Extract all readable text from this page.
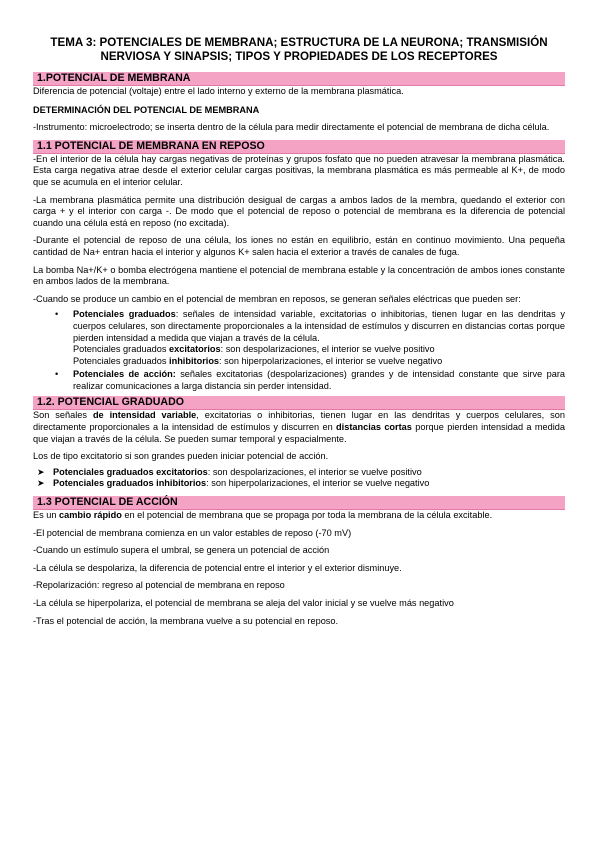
TEMA 3: POTENCIALES DE MEMBRANA; ESTRUCTURA DE LA NEURONA; TRANSMISIÓN NERVIOSA Y SINAPSIS; TIPOS Y PROPIEDADES DE LOS RECEPTORES
1.POTENCIAL DE MEMBRANA

Diferencia de potencial (voltaje) entre el lado interno y externo de la membrana plasmática.

DETERMINACIÓN DEL POTENCIAL DE MEMBRANA

-Instrumento: microelectrodo; se inserta dentro de la célula para medir directamente el potencial de membrana de dicha célula.

1.1 POTENCIAL DE MEMBRANA EN REPOSO

-En el interior de la célula hay cargas negativas de proteínas y grupos fosfato que no pueden atravesar la membrana plasmática. Esta carga negativa atrae desde el exterior celular cargas positivas, la membrana plasmática es más permeable al K+, de modo que se acumula en el interior celular.

-La membrana plasmática permite una distribución desigual de cargas a ambos lados de la membra, quedando el exterior con carga + y el interior con carga -. De modo que el potencial de reposo o potencial de membrana es la diferencia de potencial cuando una célula está en reposo (no excitada).

-Durante el potencial de reposo de una célula, los iones no están en equilibrio, están en continuo movimiento. Una pequeña cantidad de Na+ entran hacia el interior y algunos K+ salen hacia el exterior a través de canales de fuga.

La bomba Na+/K+ o bomba electrógena mantiene el potencial de membrana estable y la concentración de ambos iones constante en ambos lados de la membrana.

-Cuando se produce un cambio en el potencial de membran en reposos, se generan señales eléctricas que pueden ser:

• Potenciales graduados: señales de intensidad variable, excitatorias o inhibitorias, tienen lugar en las dendritas y cuerpos celulares, son directamente proporcionales a la intensidad de estímulos y discurren en distancias cortas porque pierden intensidad a medida que viajan a través de la célula.
Potenciales graduados excitatorios: son despolarizaciones, el interior se vuelve positivo
Potenciales graduados inhibitorios: son hiperpolarizaciones, el interior se vuelve negativo
• Potenciales de acción: señales excitatorias (despolarizaciones) grandes y de intensidad constante que sirve para realizar comunicaciones a larga distancia sin perder intensidad.
1.2. POTENCIAL GRADUADO

Son señales de intensidad variable, excitatorias o inhibitorias, tienen lugar en las dendritas y cuerpos celulares, son directamente proporcionales a la intensidad de estímulos y discurren en distancias cortas porque pierden intensidad a medida que viajan a través de la célula. Se pueden sumar temporal y espacialmente.

Los de tipo excitatorio si son grandes pueden iniciar potencial de acción.

➤ Potenciales graduados excitatorios: son despolarizaciones, el interior se vuelve positivo
➤ Potenciales graduados inhibitorios: son hiperpolarizaciones, el interior se vuelve negativo
1.3 POTENCIAL DE ACCIÓN

Es un cambio rápido en el potencial de membrana que se propaga por toda la membrana de la célula excitable.

-El potencial de membrana comienza en un valor estables de reposo (-70 mV)

-Cuando un estímulo supera el umbral, se genera un potencial de acción

-La célula se despolariza, la diferencia de potencial entre el interior y el exterior disminuye.

-Repolarización: regreso al potencial de membrana en reposo

-La célula se hiperpolariza, el potencial de membrana se aleja del valor inicial y se vuelve más negativo

-Tras el potencial de acción, la membrana vuelve a su potencial en reposo.
